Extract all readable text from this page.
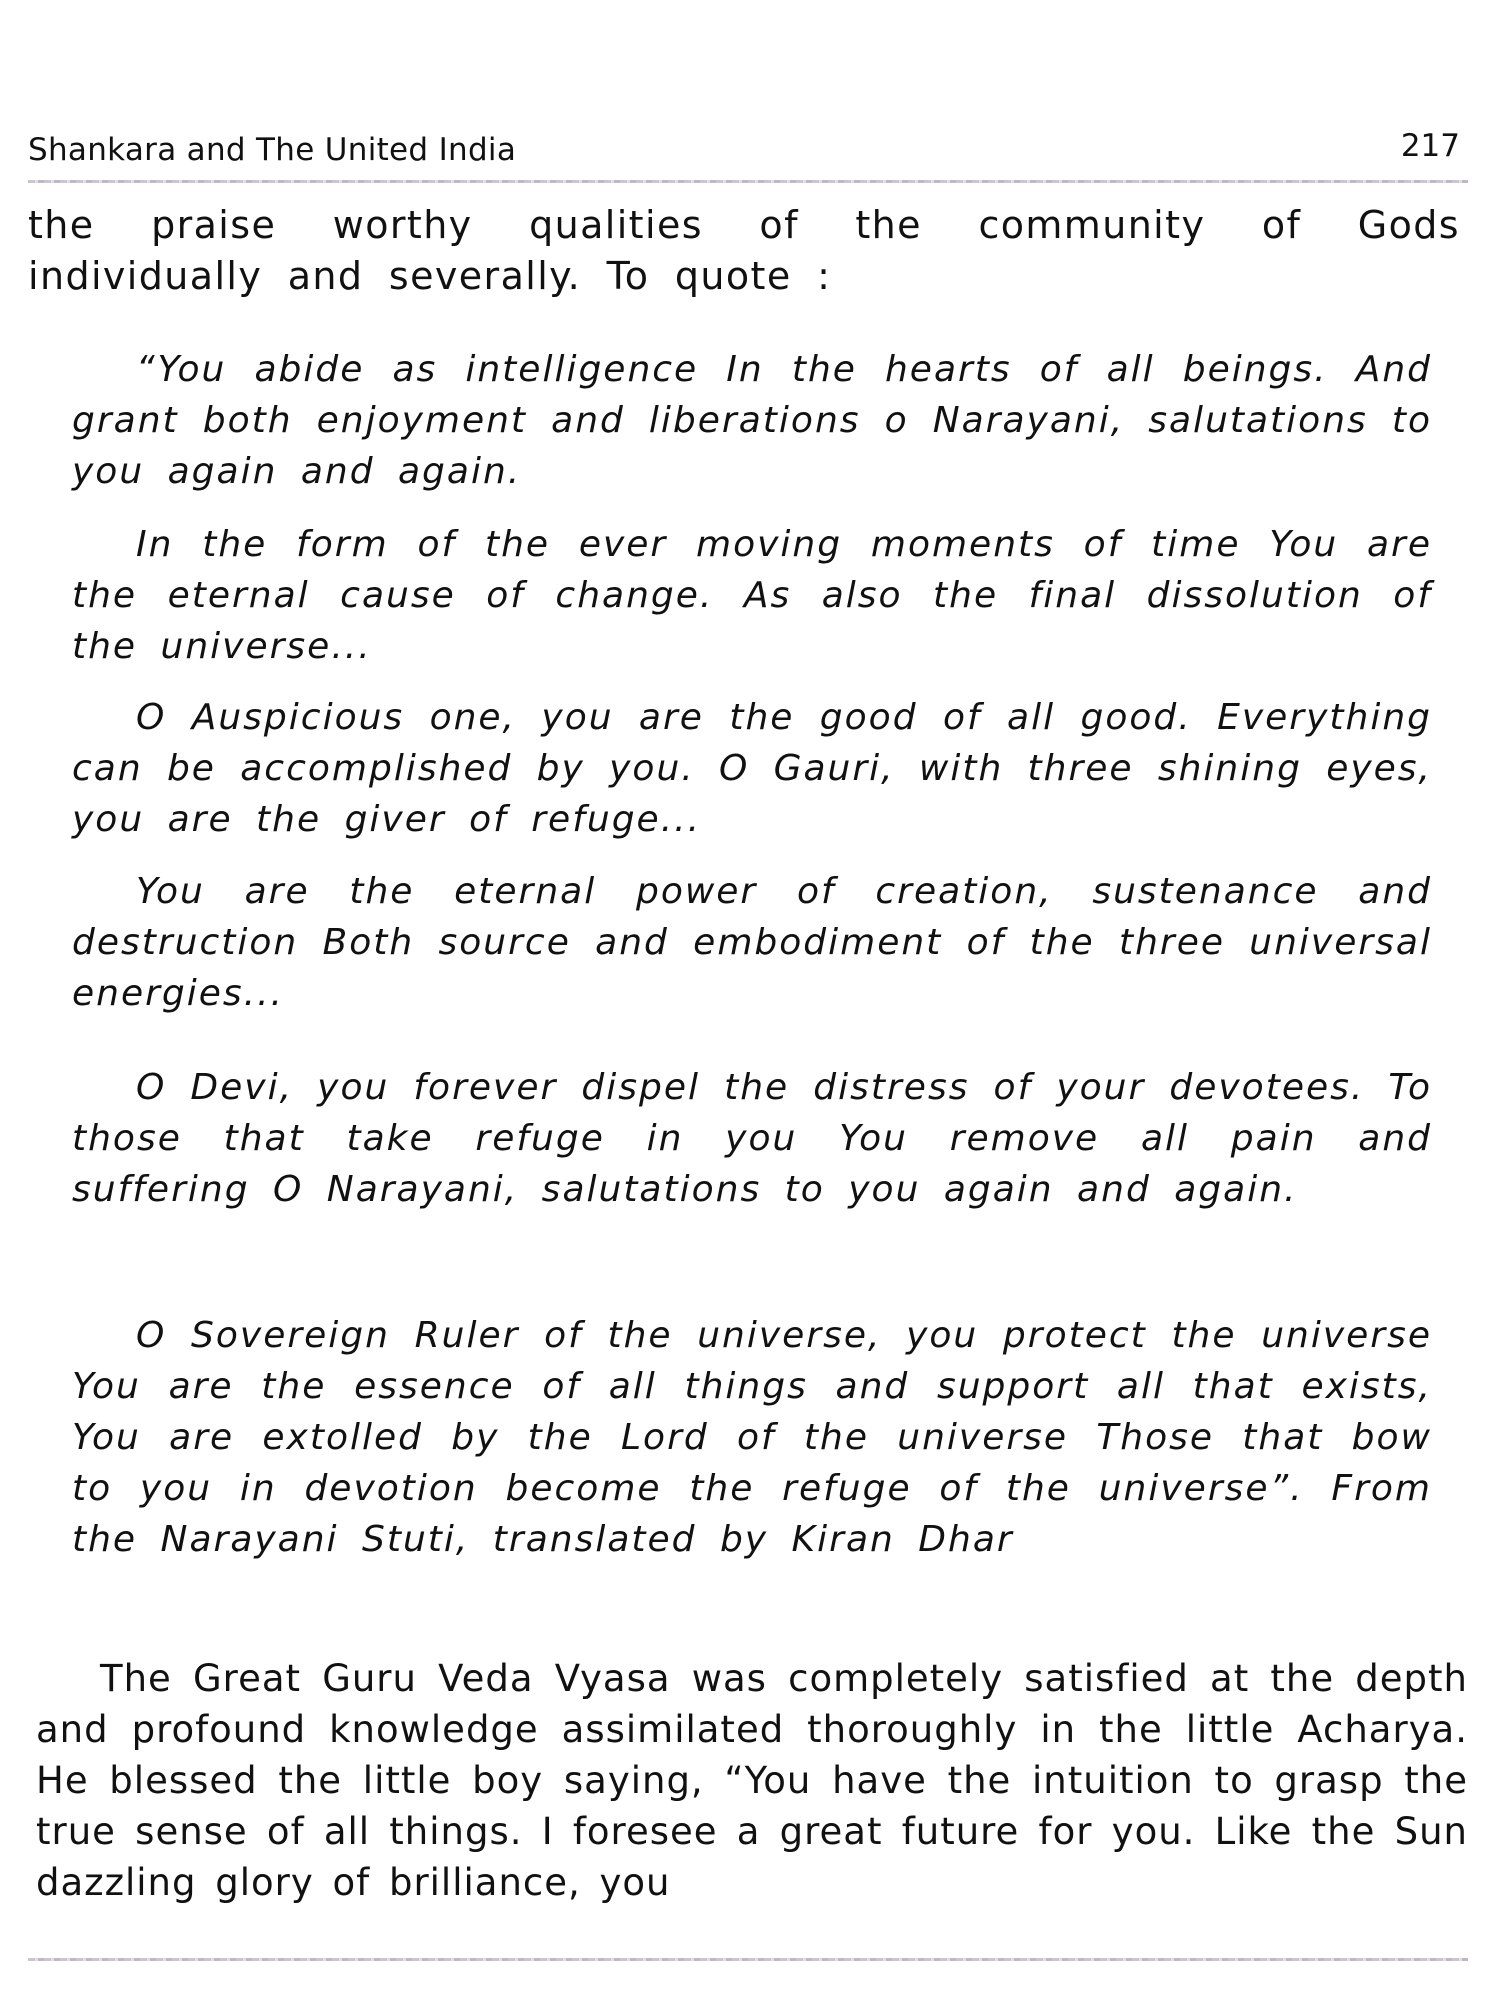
Shankara and The United India	217

the praise worthy qualities of the community of Gods individually and severally. To quote :

“You abide as intelligence In the hearts of all beings. And grant both enjoyment and liberations o Narayani, salutations to you again and again.

In the form of the ever moving moments of time You are the eternal cause of change. As also the final dissolution of the universe...

O Auspicious one, you are the good of all good. Everything can be accomplished by you. O Gauri, with three shining eyes, you are the giver of refuge...

You are the eternal power of creation, sustenance and destruction Both source and embodiment of the three universal energies...

O Devi, you forever dispel the distress of your devotees. To those that take refuge in you You remove all pain and suffering O Narayani, salutations to you again and again.

O Sovereign Ruler of the universe, you protect the universe You are the essence of all things and support all that exists, You are extolled by the Lord of the universe Those that bow to you in devotion become the refuge of the universe”. From the Narayani Stuti, translated by Kiran Dhar

The Great Guru Veda Vyasa was completely satisfied at the depth and profound knowledge assimilated thoroughly in the little Acharya. He blessed the little boy saying, “You have the intuition to grasp the true sense of all things. I foresee a great future for you. Like the Sun dazzling glory of brilliance, you
